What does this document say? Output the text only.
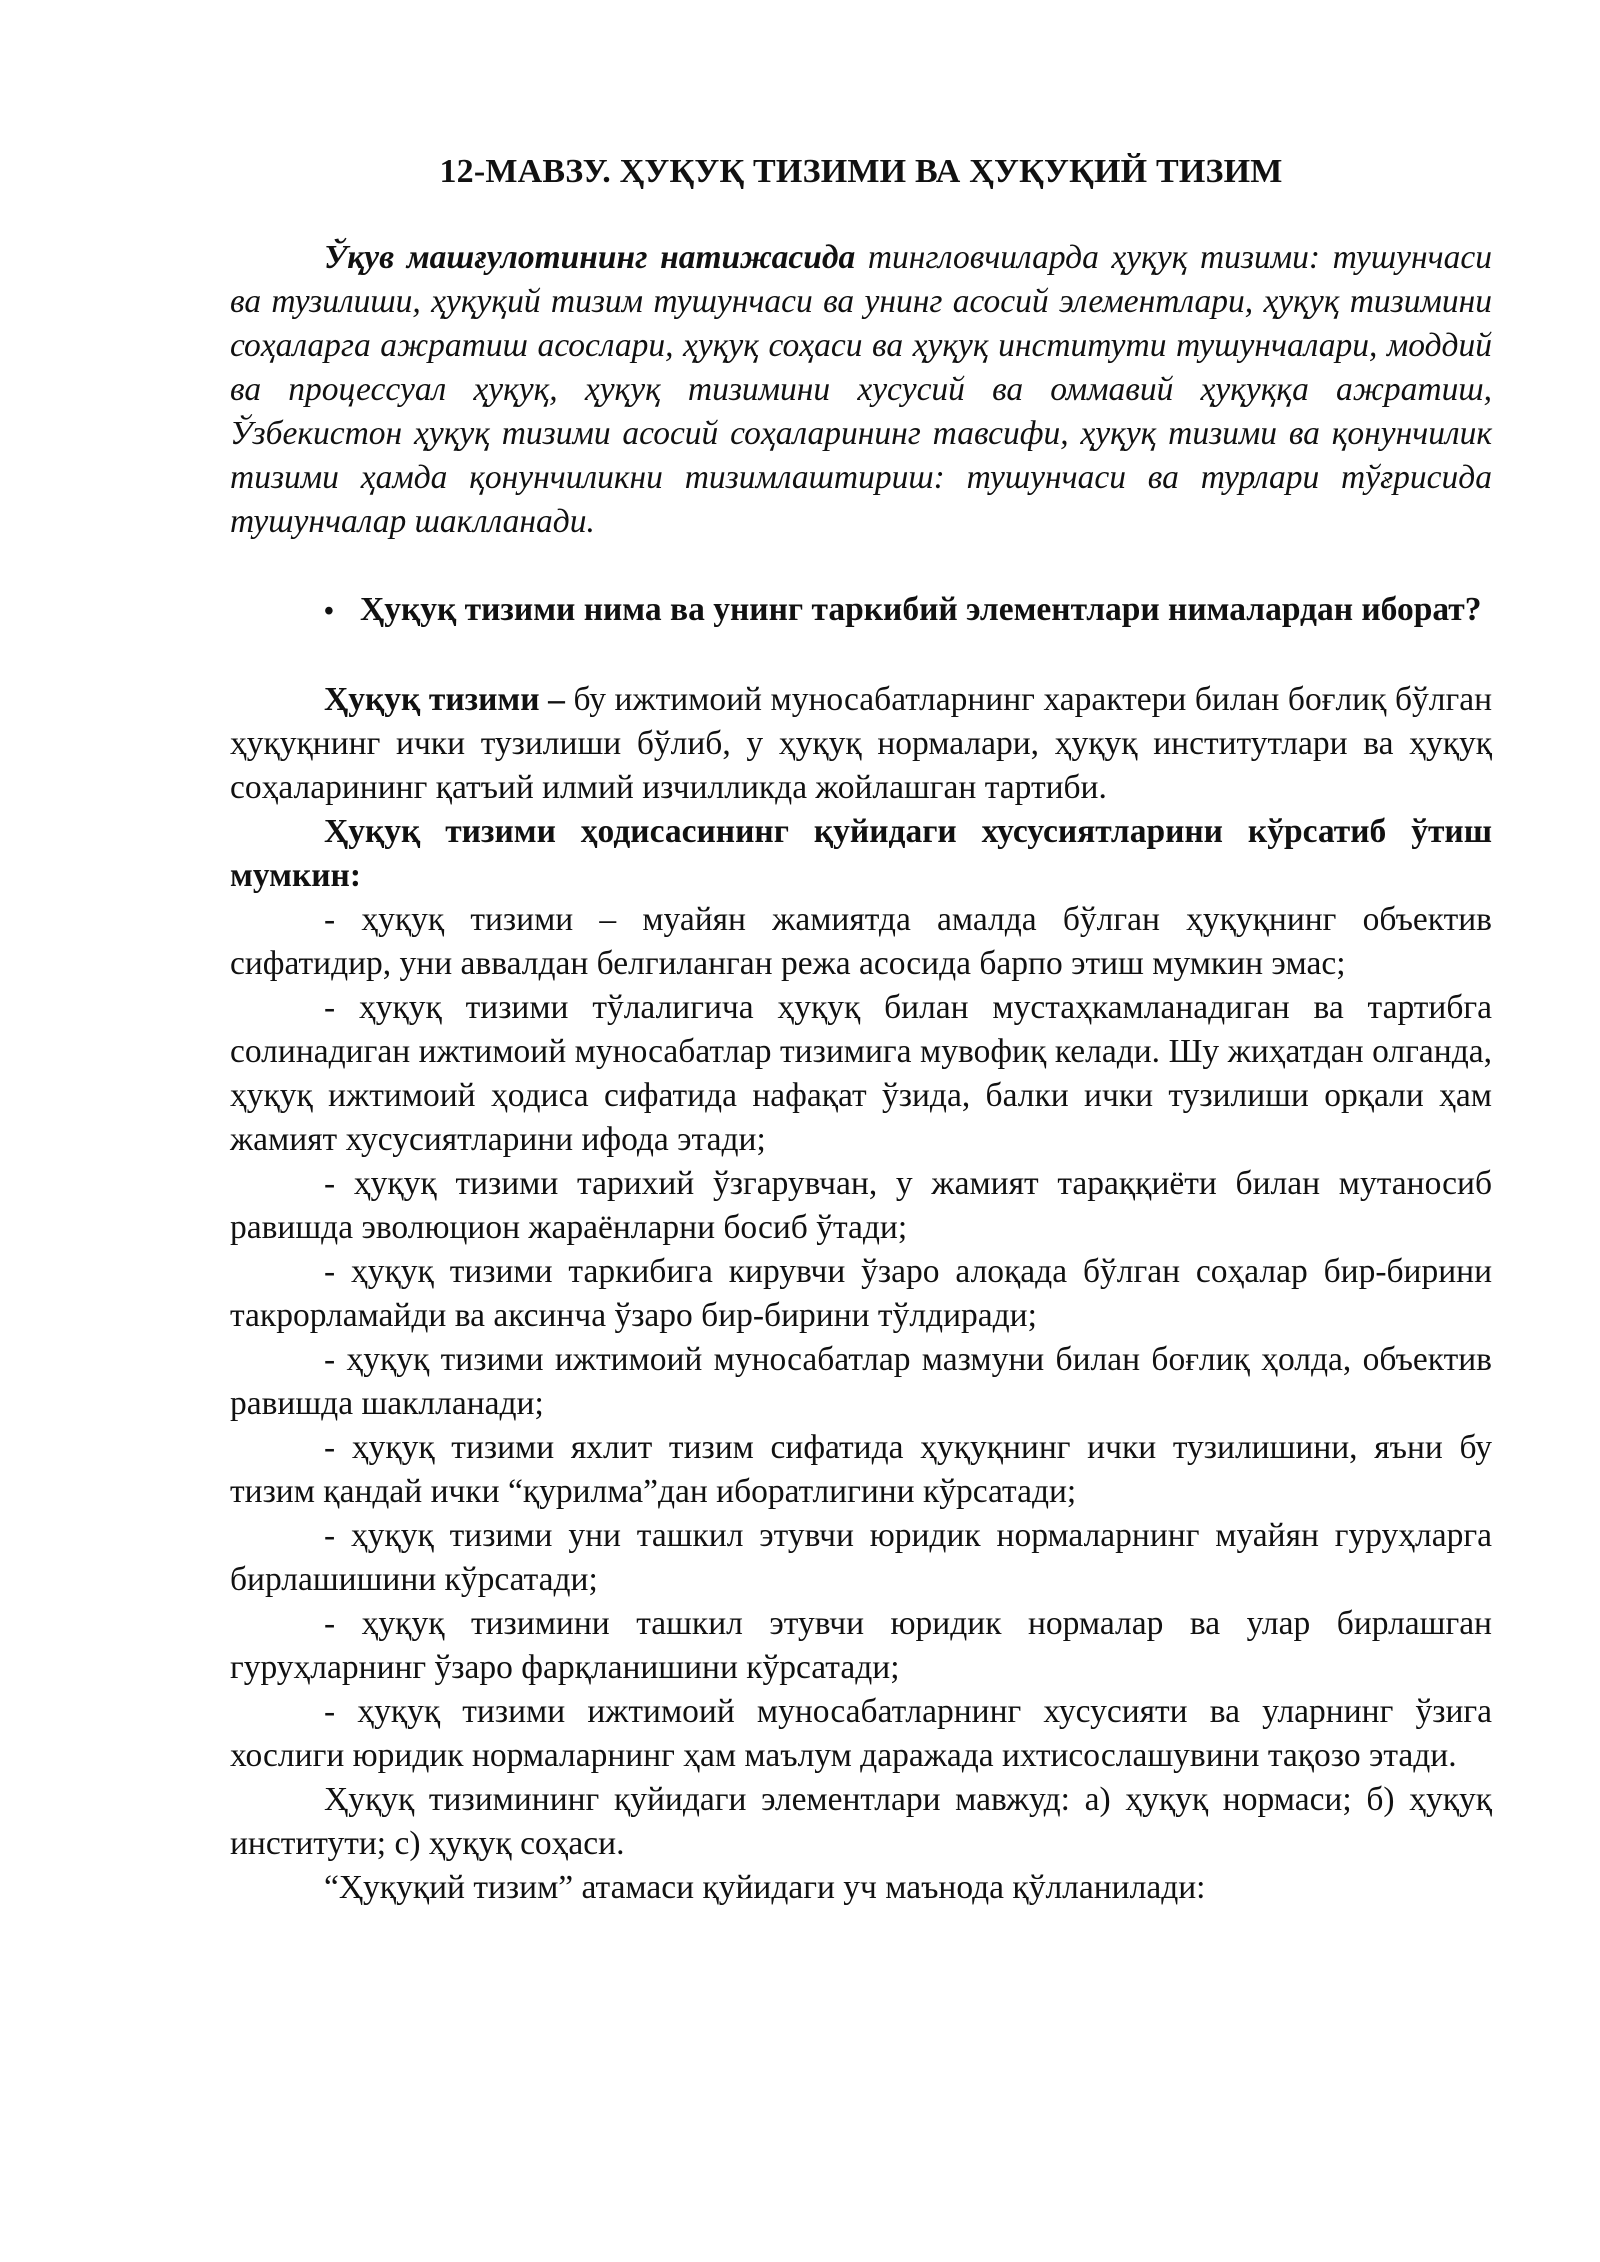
12-МАВЗУ. ҲУҚУҚ ТИЗИМИ ВА ҲУҚУҚИЙ ТИЗИМ

Ўқув машғулотининг натижасида тингловчиларда ҳуқуқ тизими: тушунчаси ва тузилиши, ҳуқуқий тизим тушунчаси ва унинг асосий элементлари, ҳуқуқ тизимини соҳаларга ажратиш асослари, ҳуқуқ соҳаси ва ҳуқуқ институти тушунчалари, моддий ва процессуал ҳуқуқ, ҳуқуқ тизимини хусусий ва оммавий ҳуқуққа ажратиш, Ўзбекистон ҳуқуқ тизими асосий соҳаларининг тавсифи, ҳуқуқ тизими ва қонунчилик тизими ҳамда қонунчиликни тизимлаштириш: тушунчаси ва турлари тўғрисида тушунчалар шаклланади.

• Ҳуқуқ тизими нима ва унинг таркибий элементлари нималардан иборат?

Ҳуқуқ тизими – бу ижтимоий муносабатларнинг характери билан боғлиқ бўлган ҳуқуқнинг ички тузилиши бўлиб, у ҳуқуқ нормалари, ҳуқуқ институтлари ва ҳуқуқ соҳаларининг қатъий илмий изчилликда жойлашган тартиби.

Ҳуқуқ тизими ҳодисасининг қуйидаги хусусиятларини кўрсатиб ўтиш мумкин:

- ҳуқуқ тизими – муайян жамиятда амалда бўлган ҳуқуқнинг объектив сифатидир, уни аввалдан белгиланган режа асосида барпо этиш мумкин эмас;

- ҳуқуқ тизими тўлалигича ҳуқуқ билан мустаҳкамланадиган ва тартибга солинадиган ижтимоий муносабатлар тизимига мувофиқ келади. Шу жиҳатдан олганда, ҳуқуқ ижтимоий ҳодиса сифатида нафақат ўзида, балки ички тузилиши орқали ҳам жамият хусусиятларини ифода этади;

- ҳуқуқ тизими тарихий ўзгарувчан, у жамият тараққиёти билан мутаносиб равишда эволюцион жараёнларни босиб ўтади;

- ҳуқуқ тизими таркибига кирувчи ўзаро алоқада бўлган соҳалар бир-бирини такрорламайди ва аксинча ўзаро бир-бирини тўлдиради;

- ҳуқуқ тизими ижтимоий муносабатлар мазмуни билан боғлиқ ҳолда, объектив равишда шаклланади;

- ҳуқуқ тизими яхлит тизим сифатида ҳуқуқнинг ички тузилишини, яъни бу тизим қандай ички “қурилма”дан иборатлигини кўрсатади;

- ҳуқуқ тизими уни ташкил этувчи юридик нормаларнинг муайян гуруҳларга бирлашишини кўрсатади;

- ҳуқуқ тизимини ташкил этувчи юридик нормалар ва улар бирлашган гуруҳларнинг ўзаро фарқланишини кўрсатади;

- ҳуқуқ тизими ижтимоий муносабатларнинг хусусияти ва уларнинг ўзига хослиги юридик нормаларнинг ҳам маълум даражада ихтисослашувини тақозо этади.

Ҳуқуқ тизимининг қуйидаги элементлари мавжуд: а) ҳуқуқ нормаси; б) ҳуқуқ институти; с) ҳуқуқ соҳаси.

“Ҳуқуқий тизим” атамаси қуйидаги уч маънода қўлланилади:
